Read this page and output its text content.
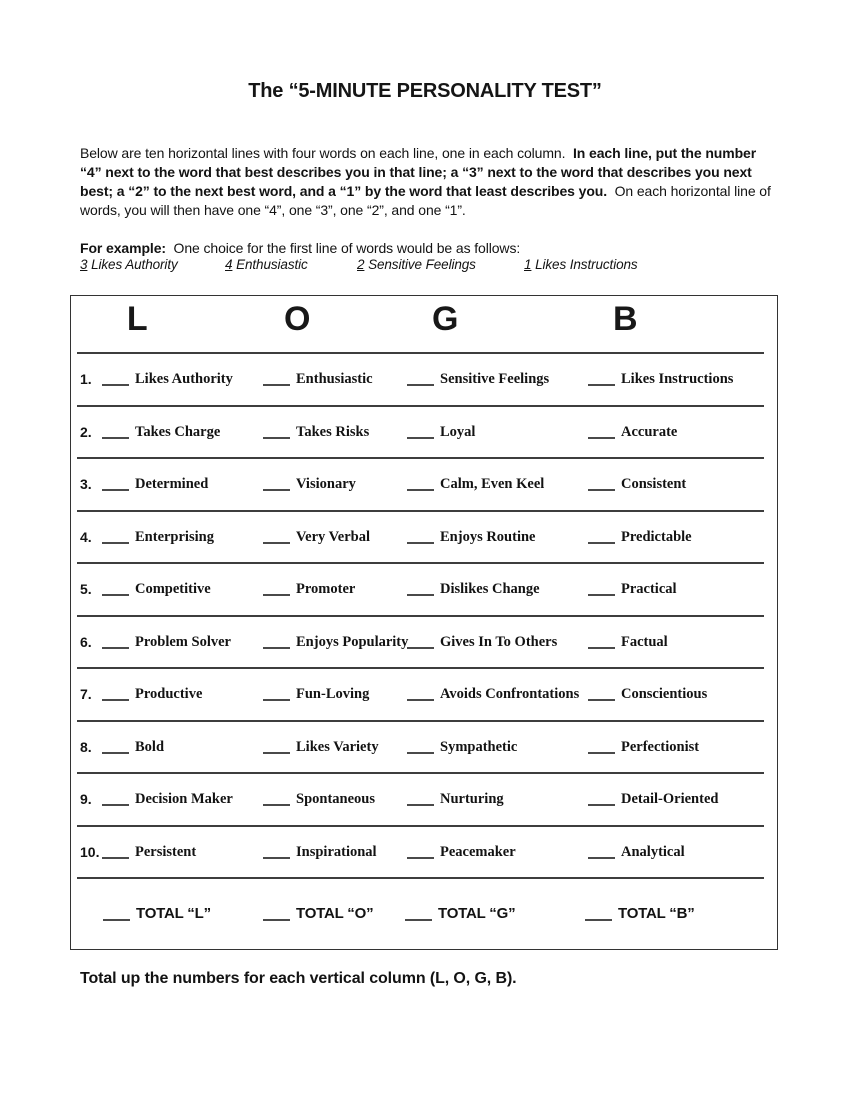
The “5-MINUTE PERSONALITY TEST”

Below are ten horizontal lines with four words on each line, one in each column.  In each line, put the number “4” next to the word that best describes you in that line; a “3” next to the word that describes you next best; a “2” to the next best word, and a “1” by the word that least describes you.  On each horizontal line of words, you will then have one “4”, one “3”, one “2”, and one “1”.

For example:  One choice for the first line of words would be as follows:

3 Likes Authority	4 Enthusiastic	2 Sensitive Feelings	1 Likes Instructions
L	O	G	B
1.	Likes Authority	Enthusiastic	Sensitive Feelings	Likes Instructions
2.	Takes Charge	Takes Risks	Loyal	Accurate
3.	Determined	Visionary	Calm, Even Keel	Consistent
4.	Enterprising	Very Verbal	Enjoys Routine	Predictable
5.	Competitive	Promoter	Dislikes Change	Practical
6.	Problem Solver	Enjoys Popularity	Gives In To Others	Factual
7.	Productive	Fun-Loving	Avoids Confrontations	Conscientious
8.	Bold	Likes Variety	Sympathetic	Perfectionist
9.	Decision Maker	Spontaneous	Nurturing	Detail-Oriented
10.	Persistent	Inspirational	Peacemaker	Analytical
TOTAL “L”	TOTAL “O”	TOTAL “G”	TOTAL “B”

Total up the numbers for each vertical column (L, O, G, B).
